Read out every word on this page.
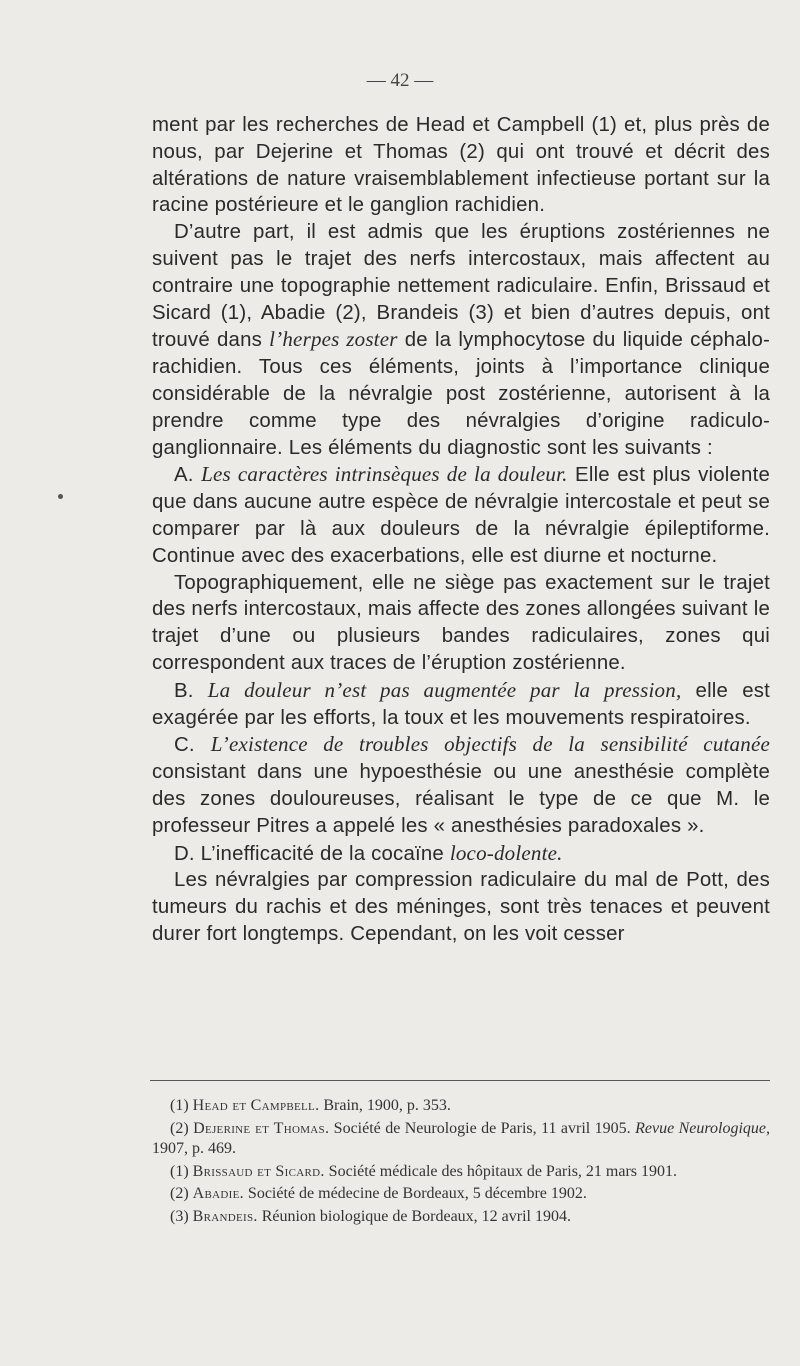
— 42 —

ment par les recherches de Head et Campbell (1) et, plus près de nous, par Dejerine et Thomas (2) qui ont trouvé et décrit des altérations de nature vraisemblablement infectieuse portant sur la racine postérieure et le ganglion rachidien.

D’autre part, il est admis que les éruptions zostériennes ne suivent pas le trajet des nerfs intercostaux, mais affectent au contraire une topographie nettement radiculaire. Enfin, Brissaud et Sicard (1), Abadie (2), Brandeis (3) et bien d’autres depuis, ont trouvé dans l’herpes zoster de la lymphocytose du liquide céphalo-rachidien. Tous ces éléments, joints à l’importance clinique considérable de la névralgie post zostérienne, autorisent à la prendre comme type des névralgies d’origine radiculo-ganglionnaire. Les éléments du diagnostic sont les suivants :

A. Les caractères intrinsèques de la douleur. Elle est plus violente que dans aucune autre espèce de névralgie intercostale et peut se comparer par là aux douleurs de la névralgie épileptiforme. Continue avec des exacerbations, elle est diurne et nocturne.

Topographiquement, elle ne siège pas exactement sur le trajet des nerfs intercostaux, mais affecte des zones allongées suivant le trajet d’une ou plusieurs bandes radiculaires, zones qui correspondent aux traces de l’éruption zostérienne.

B. La douleur n’est pas augmentée par la pression, elle est exagérée par les efforts, la toux et les mouvements respiratoires.

C. L’existence de troubles objectifs de la sensibilité cutanée consistant dans une hypoesthésie ou une anesthésie complète des zones douloureuses, réalisant le type de ce que M. le professeur Pitres a appelé les « anesthésies paradoxales ».

D. L’inefficacité de la cocaïne loco-dolente.

Les névralgies par compression radiculaire du mal de Pott, des tumeurs du rachis et des méninges, sont très tenaces et peuvent durer fort longtemps. Cependant, on les voit cesser

(1) Head et Campbell. Brain, 1900, p. 353.

(2) Dejerine et Thomas. Société de Neurologie de Paris, 11 avril 1905. Revue Neurologique, 1907, p. 469.

(1) Brissaud et Sicard. Société médicale des hôpitaux de Paris, 21 mars 1901.

(2) Abadie. Société de médecine de Bordeaux, 5 décembre 1902.

(3) Brandeis. Réunion biologique de Bordeaux, 12 avril 1904.
